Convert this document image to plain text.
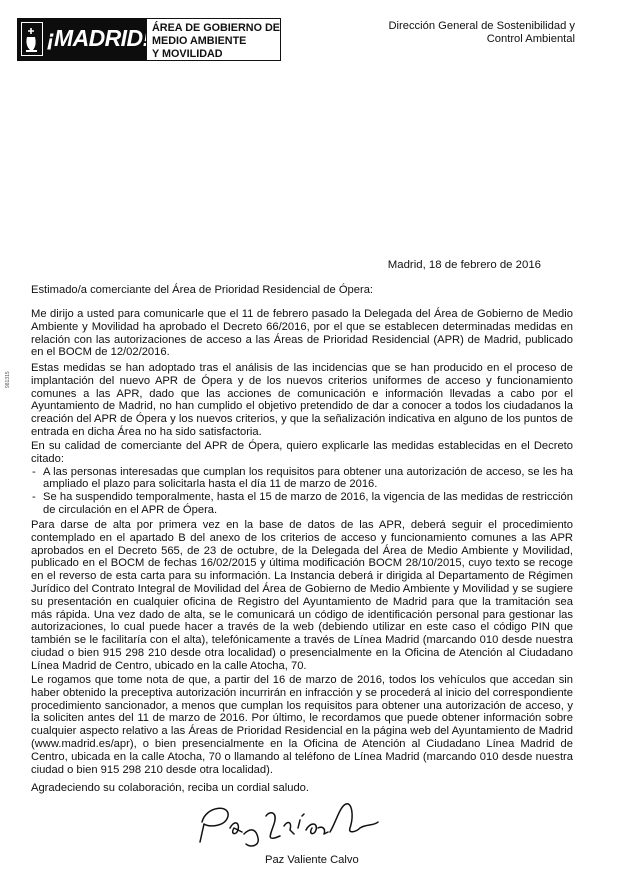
¡MADRID! ÁREA DE GOBIERNO DE
MEDIO AMBIENTE
Y MOVILIDAD
Dirección General de Sostenibilidad y
Control Ambiental
981315
Madrid, 18 de febrero de 2016
Estimado/a comerciante del Área de Prioridad Residencial de Ópera:
Me dirijo a usted para comunicarle que el 11 de febrero pasado la Delegada del Área de Gobierno de Medio Ambiente y Movilidad ha aprobado el Decreto 66/2016, por el que se establecen determinadas medidas en relación con las autorizaciones de acceso a las Áreas de Prioridad Residencial (APR) de Madrid, publicado en el BOCM de 12/02/2016.
Estas medidas se han adoptado tras el análisis de las incidencias que se han producido en el proceso de implantación del nuevo APR de Ópera y de los nuevos criterios uniformes de acceso y funcionamiento comunes a las APR, dado que las acciones de comunicación e información llevadas a cabo por el Ayuntamiento de Madrid, no han cumplido el objetivo pretendido de dar a conocer a todos los ciudadanos la creación del APR de Ópera y los nuevos criterios, y que la señalización indicativa en alguno de los puntos de entrada en dicha Área no ha sido satisfactoria.
En su calidad de comerciante del APR de Ópera, quiero explicarle las medidas establecidas en el Decreto citado:
- A las personas interesadas que cumplan los requisitos para obtener una autorización de acceso, se les ha ampliado el plazo para solicitarla hasta el día 11 de marzo de 2016.
- Se ha suspendido temporalmente, hasta el 15 de marzo de 2016, la vigencia de las medidas de restricción de circulación en el APR de Ópera.
Para darse de alta por primera vez en la base de datos de las APR, deberá seguir el procedimiento contemplado en el apartado B del anexo de los criterios de acceso y funcionamiento comunes a las APR aprobados en el Decreto 565, de 23 de octubre, de la Delegada del Área de Medio Ambiente y Movilidad, publicado en el BOCM de fechas 16/02/2015 y última modificación BOCM 28/10/2015, cuyo texto se recoge en el reverso de esta carta para su información. La Instancia deberá ir dirigida al Departamento de Régimen Jurídico del Contrato Integral de Movilidad del Área de Gobierno de Medio Ambiente y Movilidad y se sugiere su presentación en cualquier oficina de Registro del Ayuntamiento de Madrid para que la tramitación sea más rápida. Una vez dado de alta, se le comunicará un código de identificación personal para gestionar las autorizaciones, lo cual puede hacer a través de la web (debiendo utilizar en este caso el código PIN que también se le facilitaría con el alta), telefónicamente a través de Línea Madrid (marcando 010 desde nuestra ciudad o bien 915 298 210 desde otra localidad) o presencialmente en la Oficina de Atención al Ciudadano Línea Madrid de Centro, ubicado en la calle Atocha, 70.
Le rogamos que tome nota de que, a partir del 16 de marzo de 2016, todos los vehículos que accedan sin haber obtenido la preceptiva autorización incurrirán en infracción y se procederá al inicio del correspondiente procedimiento sancionador, a menos que cumplan los requisitos para obtener una autorización de acceso, y la soliciten antes del 11 de marzo de 2016. Por último, le recordamos que puede obtener información sobre cualquier aspecto relativo a las Áreas de Prioridad Residencial en la página web del Ayuntamiento de Madrid (www.madrid.es/apr), o bien presencialmente en la Oficina de Atención al Ciudadano Línea Madrid de Centro, ubicada en la calle Atocha, 70 o llamando al teléfono de Línea Madrid (marcando 010 desde nuestra ciudad o bien 915 298 210 desde otra localidad).
Agradeciendo su colaboración, reciba un cordial saludo.
Paz Valiente Calvo
